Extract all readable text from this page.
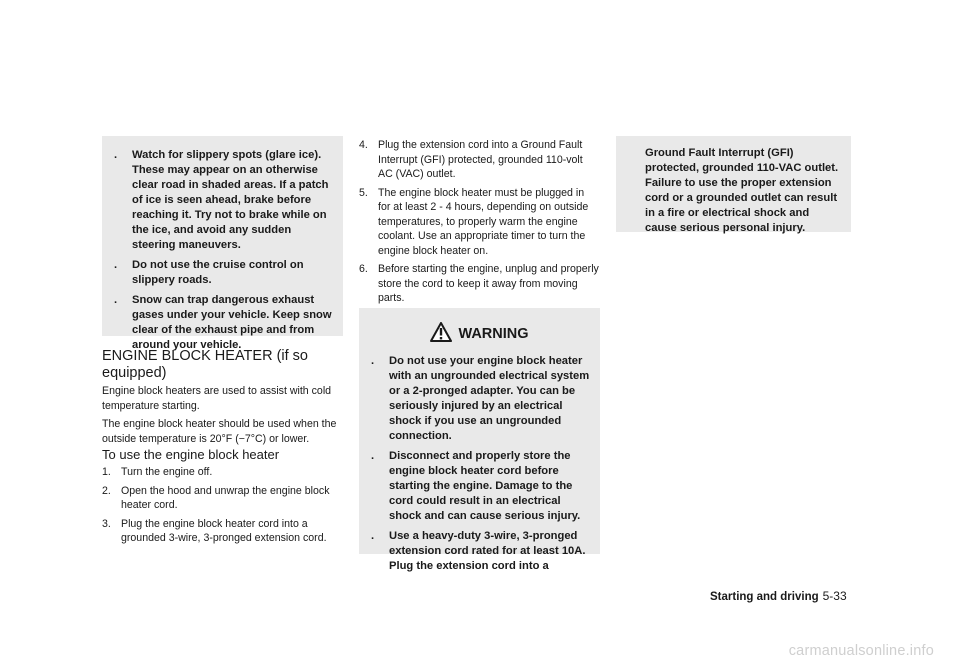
. Watch for slippery spots (glare ice). These may appear on an otherwise clear road in shaded areas. If a patch of ice is seen ahead, brake before reaching it. Try not to brake while on the ice, and avoid any sudden steering maneuvers.
. Do not use the cruise control on slippery roads.
. Snow can trap dangerous exhaust gases under your vehicle. Keep snow clear of the exhaust pipe and from around your vehicle.
ENGINE BLOCK HEATER (if so equipped)

Engine block heaters are used to assist with cold temperature starting.

The engine block heater should be used when the outside temperature is 20°F (−7°C) or lower.

To use the engine block heater
1. Turn the engine off.
2. Open the hood and unwrap the engine block heater cord.
3. Plug the engine block heater cord into a grounded 3-wire, 3-pronged extension cord.
4. Plug the extension cord into a Ground Fault Interrupt (GFI) protected, grounded 110-volt AC (VAC) outlet.
5. The engine block heater must be plugged in for at least 2 - 4 hours, depending on outside temperatures, to properly warm the engine coolant. Use an appropriate timer to turn the engine block heater on.
6. Before starting the engine, unplug and properly store the cord to keep it away from moving parts.
WARNING
. Do not use your engine block heater with an ungrounded electrical system or a 2-pronged adapter. You can be seriously injured by an electrical shock if you use an ungrounded connection.
. Disconnect and properly store the engine block heater cord before starting the engine. Damage to the cord could result in an electrical shock and can cause serious injury.
. Use a heavy-duty 3-wire, 3-pronged extension cord rated for at least 10A. Plug the extension cord into a
Ground Fault Interrupt (GFI) protected, grounded 110-VAC outlet. Failure to use the proper extension cord or a grounded outlet can result in a fire or electrical shock and cause serious personal injury.
Starting and driving 5-33
carmanualsonline.info
